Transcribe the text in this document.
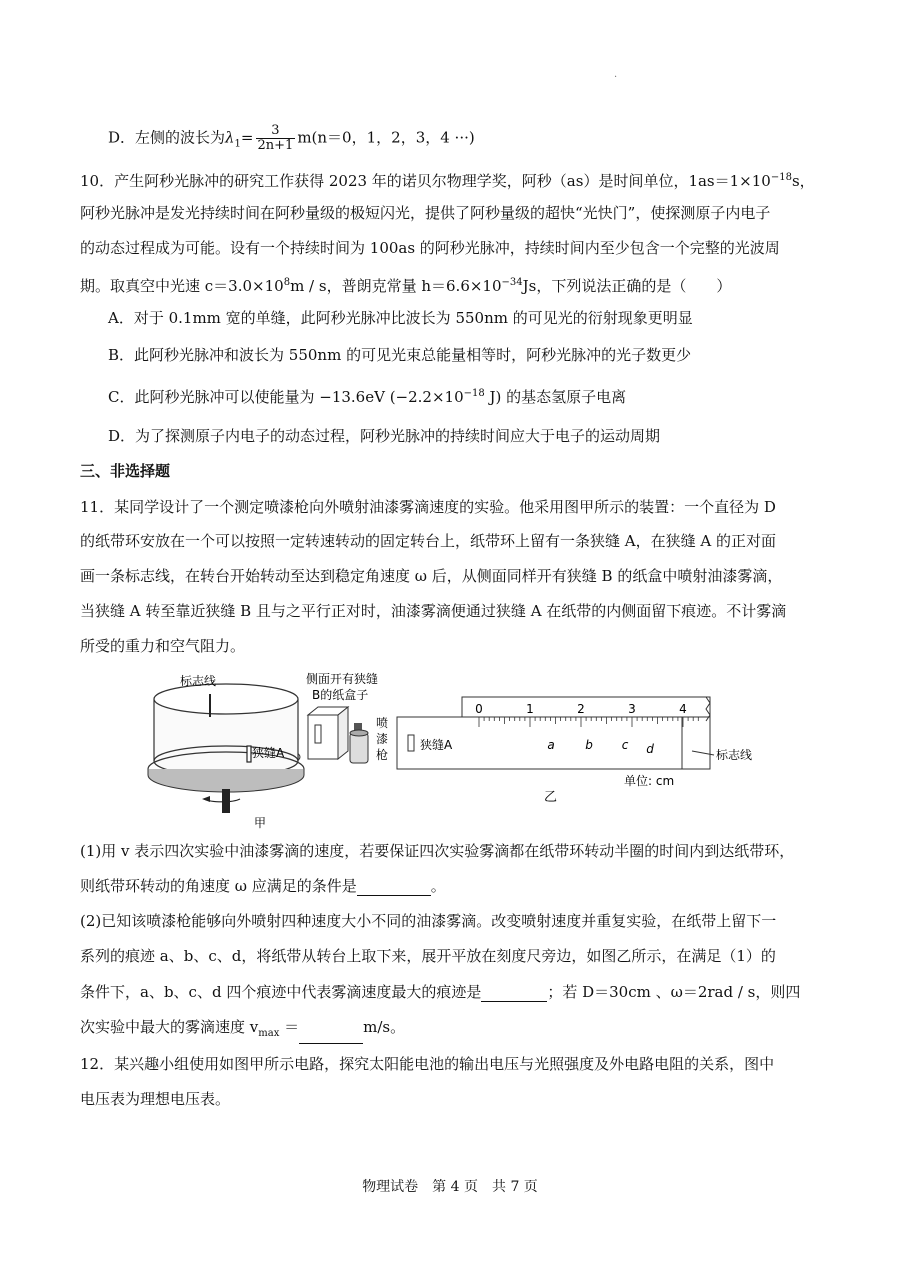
·
D．左侧的波长为$\lambda_1= \frac{3}{2n+1} m(n=0$，1，2，3，4 ···)
10．产生阿秒光脉冲的研究工作获得 2023 年的诺贝尔物理学奖，阿秒（as）是时间单位，$1as=1\times 10^{-18}s$，
阿秒光脉冲是发光持续时间在阿秒量级的极短闪光，提供了阿秒量级的超快“光快门”，使探测原子内电子
的动态过程成为可能。设有一个持续时间为 100as 的阿秒光脉冲，持续时间内至少包含一个完整的光波周
期。取真空中光速 $c=3.0\times 10^8m / s$，普朗克常量 $h=6.6\times 10^{-34}Js$，下列说法正确的是（　　）
A．对于 0.1mm 宽的单缝，此阿秒光脉冲比波长为 550nm 的可见光的衍射现象更明显
B．此阿秒光脉冲和波长为 550nm 的可见光束总能量相等时，阿秒光脉冲的光子数更少
C．此阿秒光脉冲可以使能量为 −13.6eV ($-2.2\times 10^{-18}$ J) 的基态氢原子电离
D．为了探测原子内电子的动态过程，阿秒光脉冲的持续时间应大于电子的运动周期
三、非选择题
11．某同学设计了一个测定喷漆枪向外喷射油漆雾滴速度的实验。他采用图甲所示的装置：一个直径为 D
的纸带环安放在一个可以按照一定转速转动的固定转台上，纸带环上留有一条狭缝 A，在狭缝 A 的正对面
画一条标志线，在转台开始转动至达到稳定角速度 ω 后，从侧面同样开有狭缝 B 的纸盒中喷射油漆雾滴，
当狭缝 A 转至靠近狭缝 B 且与之平行正对时，油漆雾滴便通过狭缝 A 在纸带的内侧面留下痕迹。不计雾滴
所受的重力和空气阻力。
标志线
狭缝A
甲
侧面开有狭缝
B的纸盒子
喷
漆
枪
0	1	2	3	4
狭缝A	a	b c d	标志线
单位: cm
乙
(1)用 v 表示四次实验中油漆雾滴的速度，若要保证四次实验雾滴都在纸带环转动半圈的时间内到达纸带环，
则纸带环转动的角速度 ω 应满足的条件是	。
(2)已知该喷漆枪能够向外喷射四种速度大小不同的油漆雾滴。改变喷射速度并重复实验，在纸带上留下一
系列的痕迹 a、b、c、d，将纸带从转台上取下来，展开平放在刻度尺旁边，如图乙所示，在满足（1）的
条件下，a、b、c、d 四个痕迹中代表雾滴速度最大的痕迹是	；若 D＝30cm 、ω＝2rad / s，则四
次实验中最大的雾滴速度 $v_{max}$ ＝	m/s。
12．某兴趣小组使用如图甲所示电路，探究太阳能电池的输出电压与光照强度及外电路电阻的关系，图中
电压表为理想电压表。
物理试卷　第 4 页　共 7 页
